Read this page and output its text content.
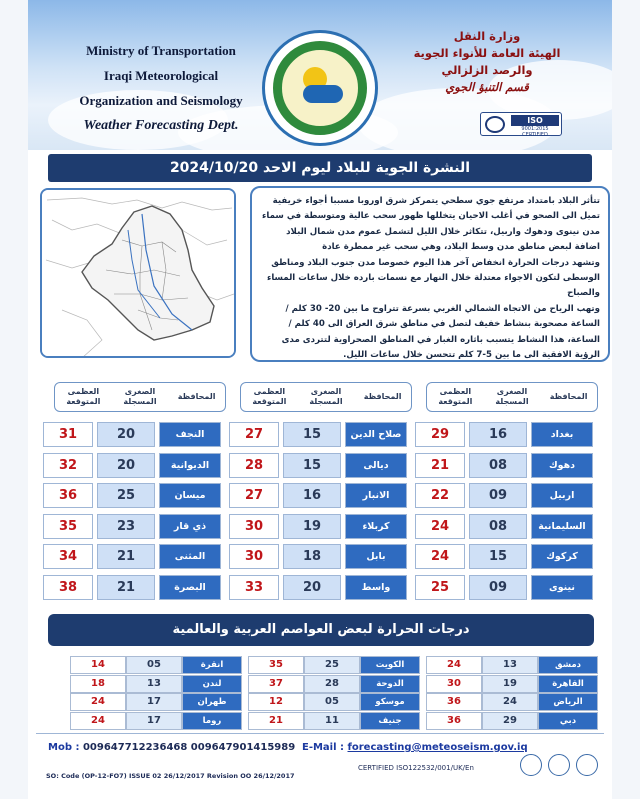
Ministry of Transportation
Iraqi Meteorological
Organization and Seismology
Weather Forecasting Dept.
وزارة النقل
الهيئة العامة للأنواء الجوية
والرصد الزلزالي
قسم التنبؤ الجوي
ISO
9001:2015 CERTIFIED
النشرة الجوية للبلاد ليوم الاحد 2024/10/20

تتأثر البلاد بامتداد مرتفع جوي سطحي يتمركز شرق اوروبا مسببا أجواء خريفية تميل الى الصحو في أغلب الاحيان يتخللها ظهور سحب عالية ومتوسطة في سماء مدن نينوى ودهوك واربيل، تتكاثر خلال الليل لتشمل عموم مدن شمال البلاد اضافة لبعض مناطق مدن وسط البلاد، وهي سحب غير ممطرة عادة

وتشهد درجات الحرارة انخفاض آخر هذا اليوم خصوصا مدن جنوب البلاد ومناطق الوسطى لتكون الاجواء معتدلة خلال النهار مع نسمات بارده خلال ساعات المساء والصباح

وتهب الرياح من الاتجاه الشمالي الغربي بسرعة تتراوح ما بين 20- 30 كلم / الساعة مصحوبة بنشاط خفيف لتصل في مناطق شرق العراق الى 40 كلم /الساعة، هذا النشاط يتسبب باثاره الغبار في المناطق الصحراوية لتتردى مدى الرؤية الافقية الى ما بين 5-7 كلم تتحسن خلال ساعات الليل.

المحافظة
الصغرى المسجلة
العظمى المتوقعة
المحافظة
الصغرى المسجلة
العظمى المتوقعة
المحافظة
الصغرى المسجلة
العظمى المتوقعة
بغداد
16
29
دهوك
08
21
اربيل
09
22
السليمانية
08
24
كركوك
15
24
نينوى
09
25
صلاح الدين
15
27
ديالى
15
28
الانبار
16
27
كربلاء
19
30
بابل
18
30
واسط
20
33
النجف
20
31
الديوانية
20
32
ميسان
25
36
ذي قار
23
35
المثنى
21
34
البصرة
21
38
درجات الحرارة لبعض العواصم العربية والعالمية
دمشق
13
24
القاهرة
19
30
الرياض
24
36
دبي
29
36
الكويت
25
35
الدوحة
28
37
موسكو
05
12
جنيف
11
21
انقرة
05
14
لندن
13
18
طهران
17
24
روما
17
24
Mob : 009647712236468 009647901415989 E-Mail : forecasting@meteoseism.gov.iq
SO: Code (OP-12-FO7) ISSUE 02 26/12/2017 Revision OO 26/12/2017
CERTIFIED ISO122532/001/UK/En
